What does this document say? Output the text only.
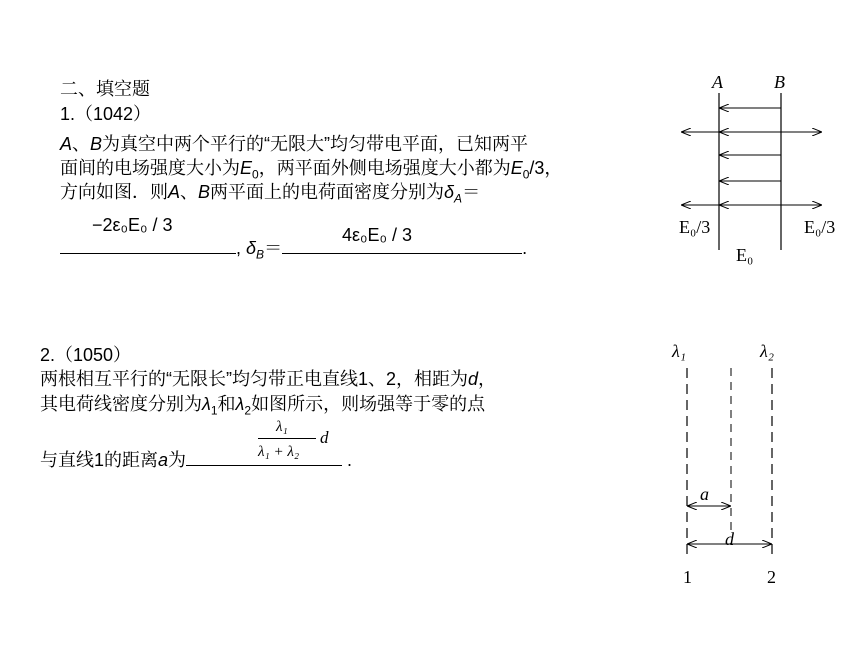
二、填空题
1.（1042）
A、B为真空中两个平行的“无限大”均匀带电平面，已知两平
面间的电场强度大小为$E_0$，两平面外侧电场强度大小都为$E_0/3$，
方向如图．则A、B两平面上的电荷面密度分别为$\delta_A=$
−2ε₀E₀ / 3	4ε₀E₀ / 3
, $\delta_B=$	.
2.（1050）
两根相互平行的“无限长”均匀带正电直线1、2，相距为d，
其电荷线密度分别为$\lambda_1$和$\lambda_2$如图所示，则场强等于零的点
λ₁
λ₁ + λ₂
d
与直线1的距离a为	.
A	B
E₀/3	E₀/3
E₀
λ₁	λ₂
a
d
1	2
